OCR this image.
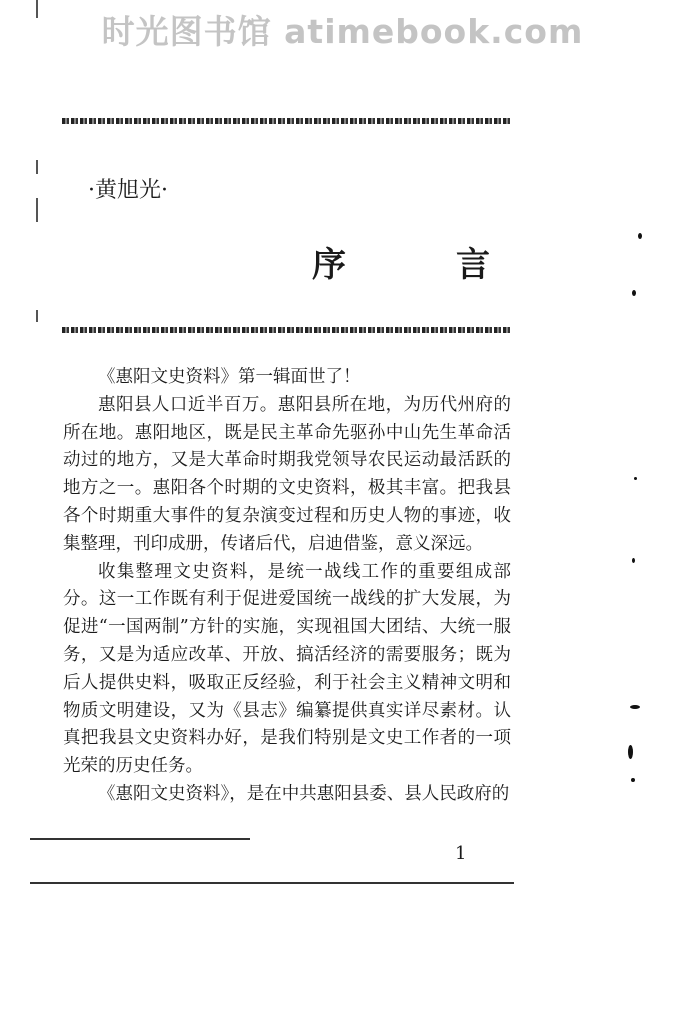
时光图书馆 atimebook.com
·黄旭光·
序　言

《惠阳文史资料》第一辑面世了！

惠阳县人口近半百万。惠阳县所在地，为历代州府的所在地。惠阳地区，既是民主革命先驱孙中山先生革命活动过的地方，又是大革命时期我党领导农民运动最活跃的地方之一。惠阳各个时期的文史资料，极其丰富。把我县各个时期重大事件的复杂演变过程和历史人物的事迹，收集整理，刊印成册，传诸后代，启迪借鉴，意义深远。

收集整理文史资料，是统一战线工作的重要组成部分。这一工作既有利于促进爱国统一战线的扩大发展，为促进“一国两制”方针的实施，实现祖国大团结、大统一服务，又是为适应改革、开放、搞活经济的需要服务；既为后人提供史料，吸取正反经验，利于社会主义精神文明和物质文明建设，又为《县志》编纂提供真实详尽素材。认真把我县文史资料办好，是我们特别是文史工作者的一项光荣的历史任务。

《惠阳文史资料》，是在中共惠阳县委、县人民政府的

1
